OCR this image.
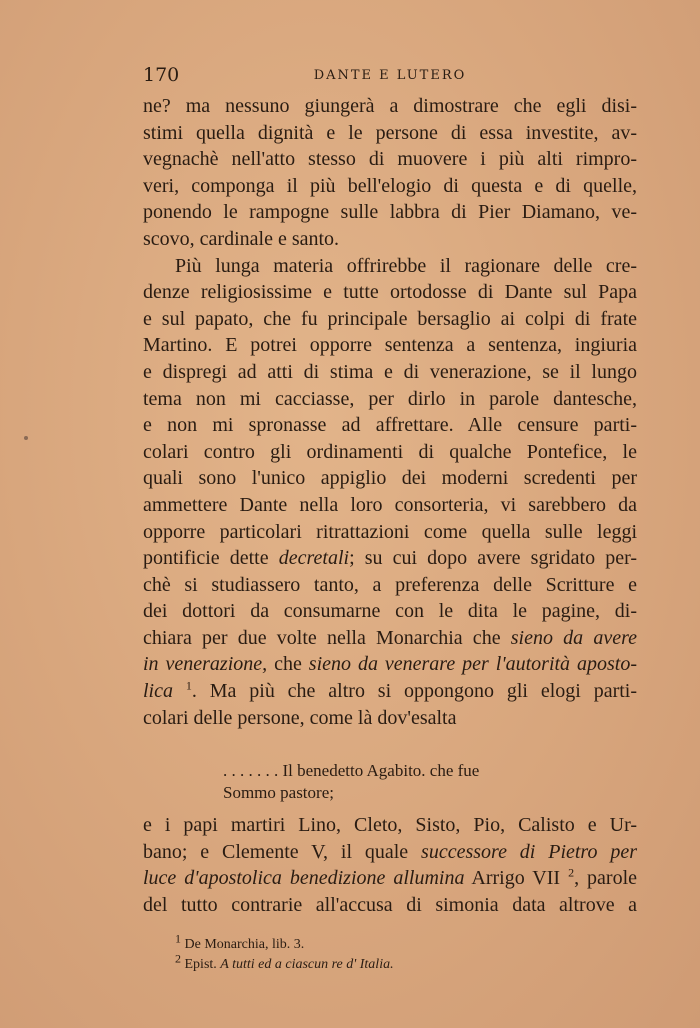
170	DANTE E LUTERO
ne? ma nessuno giungerà a dimostrare che egli disi-
stimi quella dignità e le persone di essa investite, av-
vegnachè nell'atto stesso di muovere i più alti rimpro-
veri, componga il più bell'elogio di questa e di quelle,
ponendo le rampogne sulle labbra di Pier Diamano, ve-
scovo, cardinale e santo.
Più lunga materia offrirebbe il ragionare delle cre-
denze religiosissime e tutte ortodosse di Dante sul Papa
e sul papato, che fu principale bersaglio ai colpi di frate
Martino. E potrei opporre sentenza a sentenza, ingiuria
e dispregi ad atti di stima e di venerazione, se il lungo
tema non mi cacciasse, per dirlo in parole dantesche,
e non mi spronasse ad affrettare. Alle censure parti-
colari contro gli ordinamenti di qualche Pontefice, le
quali sono l'unico appiglio dei moderni scredenti per
ammettere Dante nella loro consorteria, vi sarebbero da
opporre particolari ritrattazioni come quella sulle leggi
pontificie dette decretali; su cui dopo avere sgridato per-
chè si studiassero tanto, a preferenza delle Scritture e
dei dottori da consumarne con le dita le pagine, di-
chiara per due volte nella Monarchia che sieno da avere
in venerazione, che sieno da venerare per l'autorità aposto-
lica $^1$. Ma più che altro si oppongono gli elogi parti-
colari delle persone, come là dov'esalta
. . . . . . . Il benedetto Agabito. che fue
Sommo pastore;
e i papi martiri Lino, Cleto, Sisto, Pio, Calisto e Ur-
bano; e Clemente V, il quale successore di Pietro per
luce d'apostolica benedizione allumina Arrigo VII $^2$, parole
del tutto contrarie all'accusa di simonia data altrove a
$^1$ De Monarchia, lib. 3.
$^2$ Epist. A tutti ed a ciascun re d' Italia.
